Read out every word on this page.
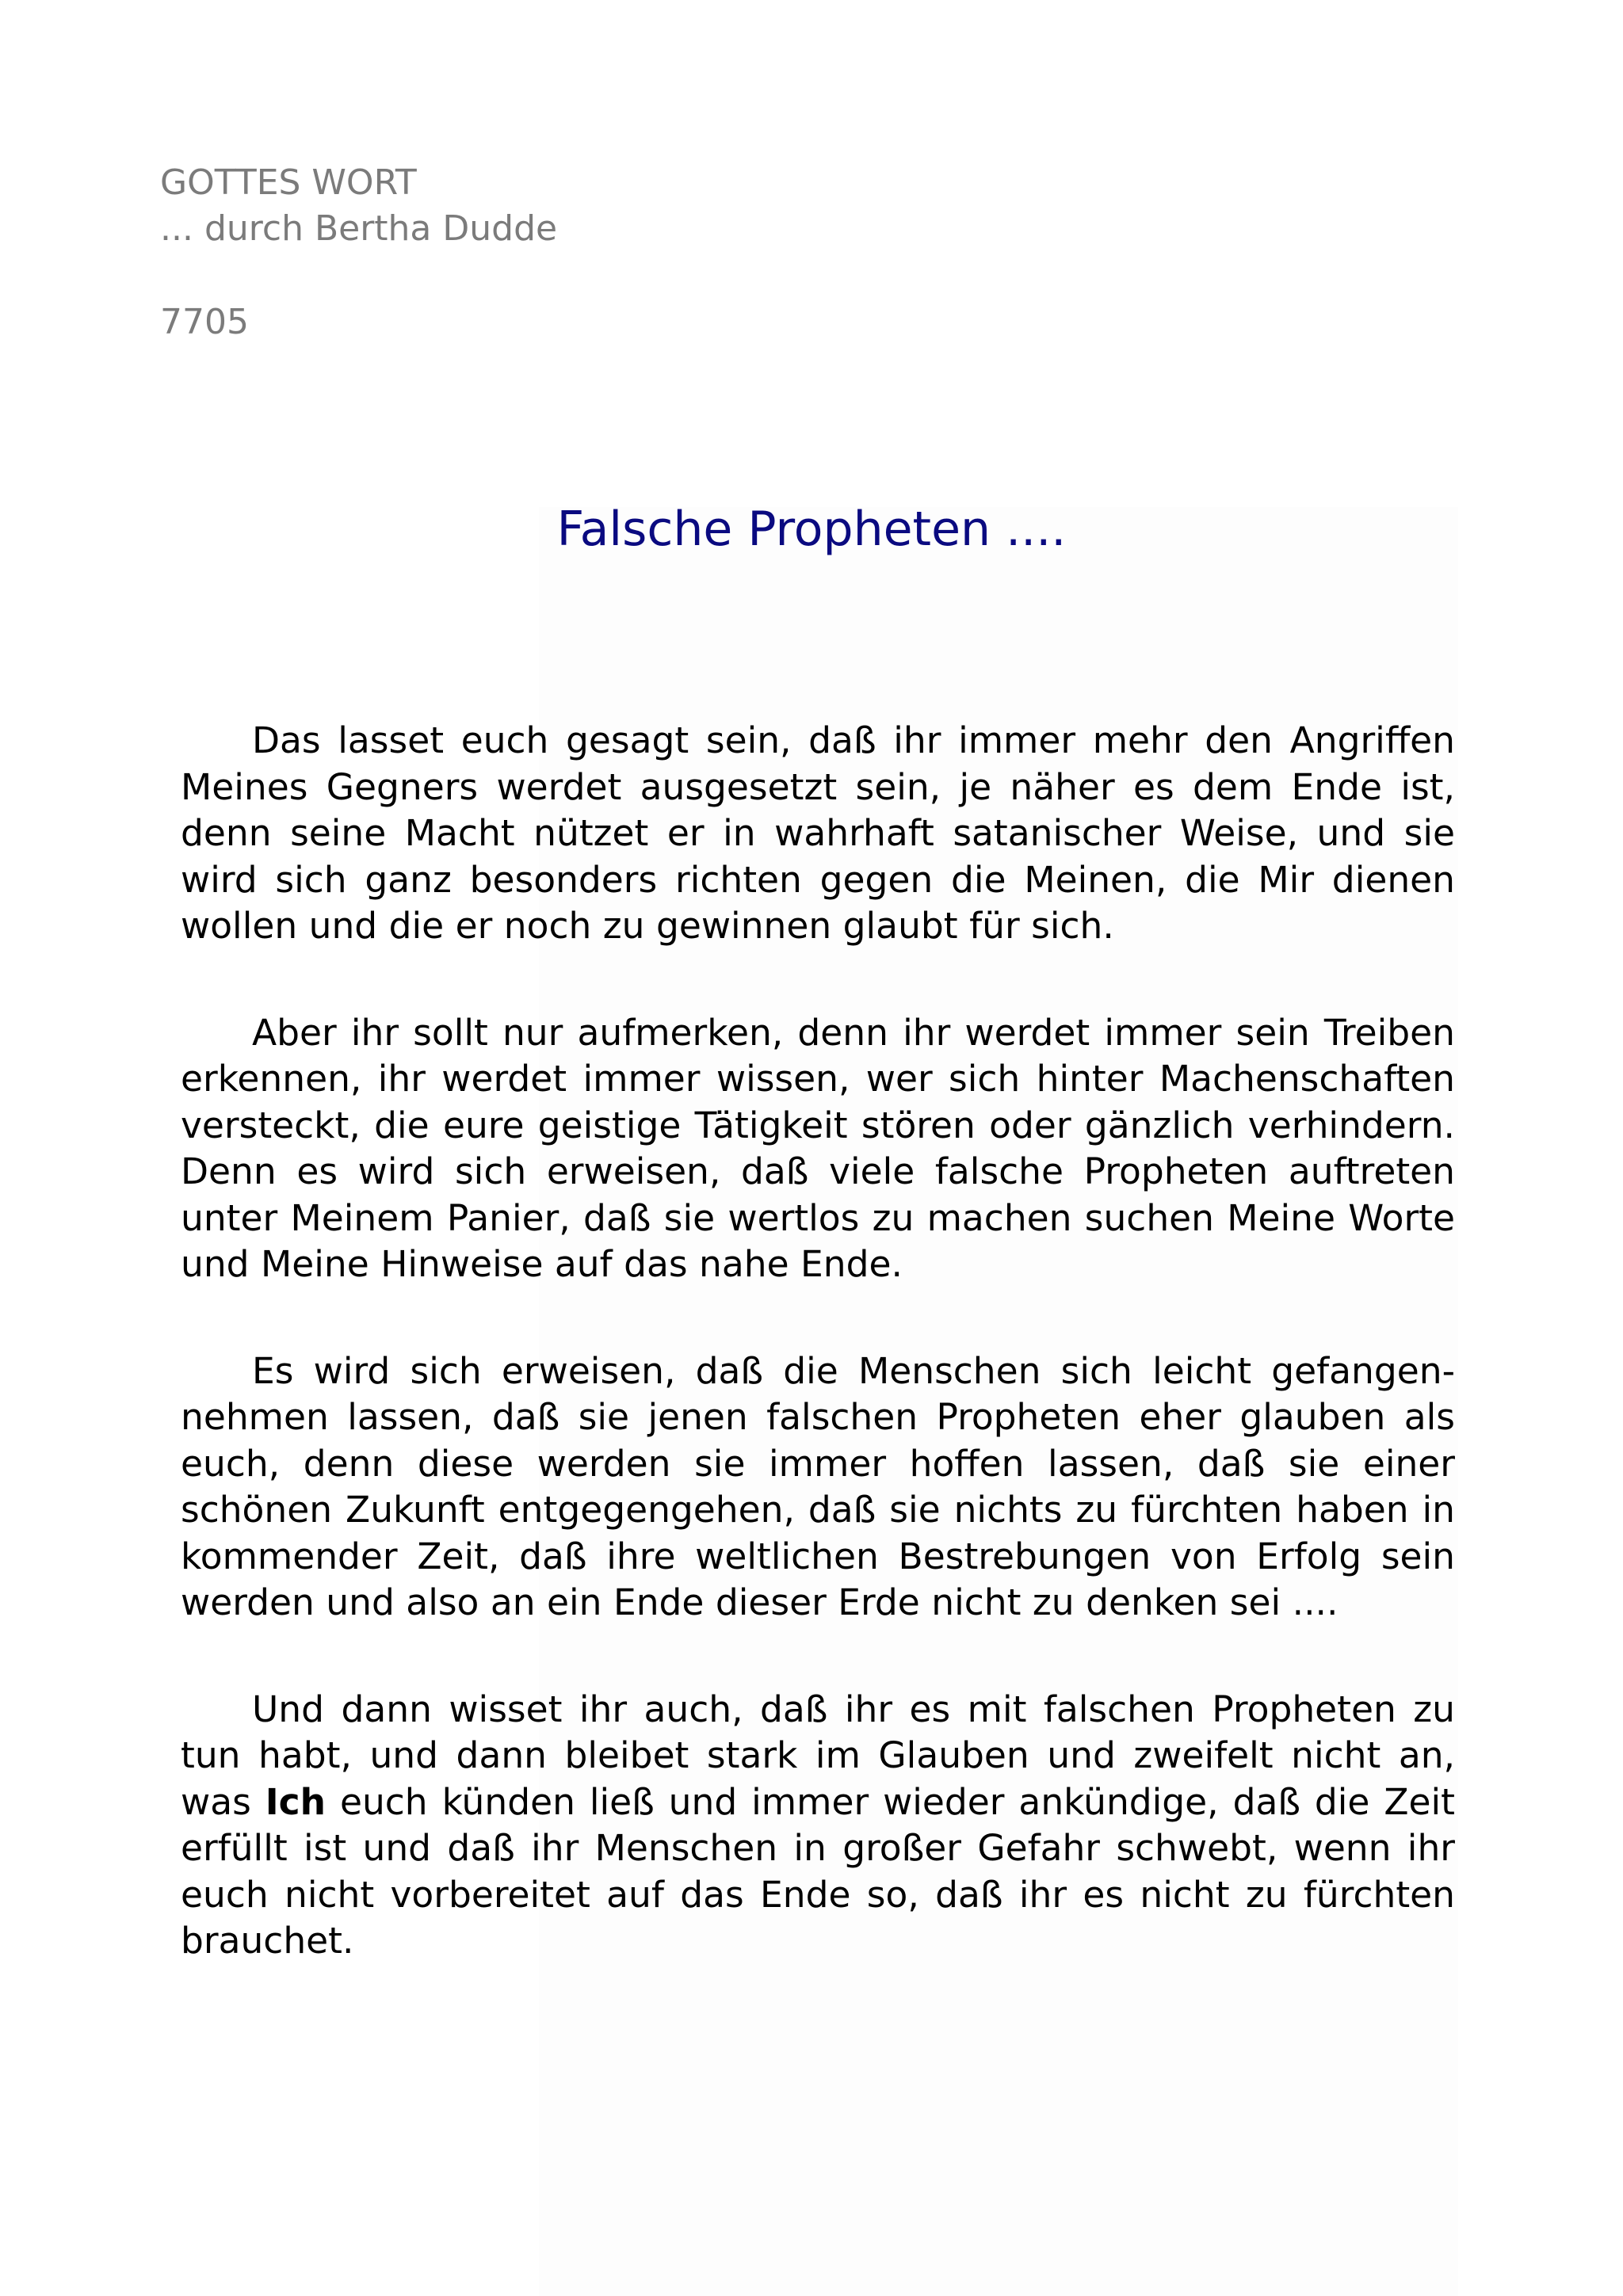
GOTTES WORT

... durch Bertha Dudde

7705

Falsche Propheten ....

Das lasset euch gesagt sein, daß ihr immer mehr den Angriffen Meines Gegners werdet ausgesetzt sein, je näher es dem Ende ist, denn seine Macht nützet er in wahrhaft satanischer Weise, und sie wird sich ganz besonders richten gegen die Meinen, die Mir dienen wollen und die er noch zu gewinnen glaubt für sich.

Aber ihr sollt nur aufmerken, denn ihr werdet immer sein Treiben erkennen, ihr werdet immer wissen, wer sich hinter Machenschaften versteckt, die eure geistige Tätigkeit stören oder gänzlich verhindern. Denn es wird sich erweisen, daß viele falsche Propheten auftreten unter Meinem Panier, daß sie wertlos zu machen suchen Meine Worte und Meine Hinweise auf das nahe Ende.

Es wird sich erweisen, daß die Menschen sich leicht gefangennehmen lassen, daß sie jenen falschen Propheten eher glauben als euch, denn diese werden sie immer hoffen lassen, daß sie einer schönen Zukunft entgegengehen, daß sie nichts zu fürchten haben in kommender Zeit, daß ihre weltlichen Bestrebungen von Erfolg sein werden und also an ein Ende dieser Erde nicht zu denken sei ....

Und dann wisset ihr auch, daß ihr es mit falschen Propheten zu tun habt, und dann bleibet stark im Glauben und zweifelt nicht an, was Ich euch künden ließ und immer wieder ankündige, daß die Zeit erfüllt ist und daß ihr Menschen in großer Gefahr schwebt, wenn ihr euch nicht vorbereitet auf das Ende so, daß ihr es nicht zu fürchten brauchet.
